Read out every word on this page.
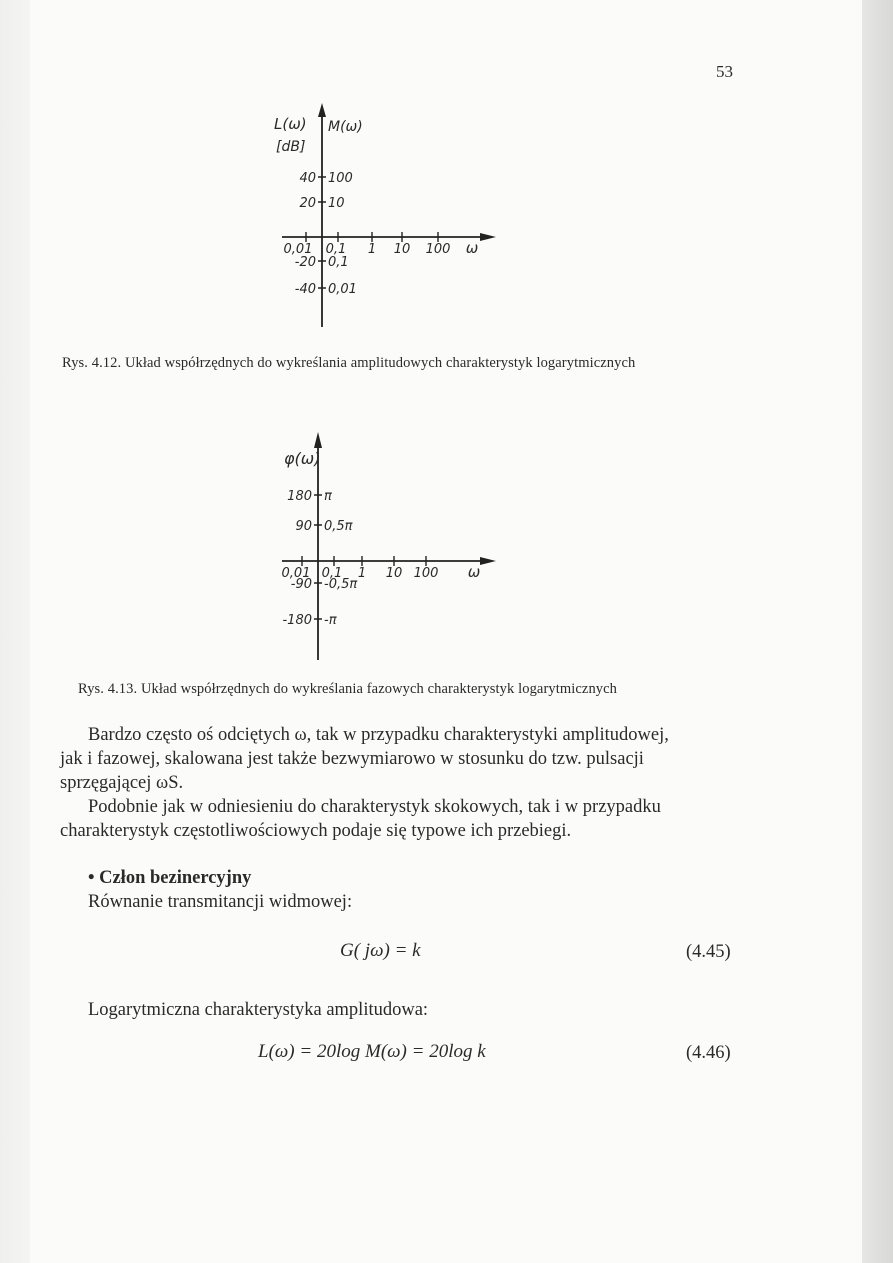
53
L(ω)
[dB]
M(ω)
40
20
-20
-40
100
10
0,1
0,01
0,01 0,1 1 10 100 ω
Rys. 4.12. Układ współrzędnych do wykreślania amplitudowych charakterystyk logarytmicznych
φ(ω)
180
90
-90
-180
π
0,5π
-0,5π
-π
0,01 0,1 1 10 100 ω
Rys. 4.13. Układ współrzędnych do wykreślania fazowych charakterystyk logarytmicznych
Bardzo często oś odciętych ω, tak w przypadku charakterystyki amplitudowej,
jak i fazowej, skalowana jest także bezwymiarowo w stosunku do tzw. pulsacji
sprzęgającej ωS.
Podobnie jak w odniesieniu do charakterystyk skokowych, tak i w przypadku
charakterystyk częstotliwościowych podaje się typowe ich przebiegi.
• Człon bezinercyjny
Równanie transmitancji widmowej:
G( jω) = k	(4.45)
Logarytmiczna charakterystyka amplitudowa:
L(ω) = 20log M(ω) = 20log k	(4.46)
